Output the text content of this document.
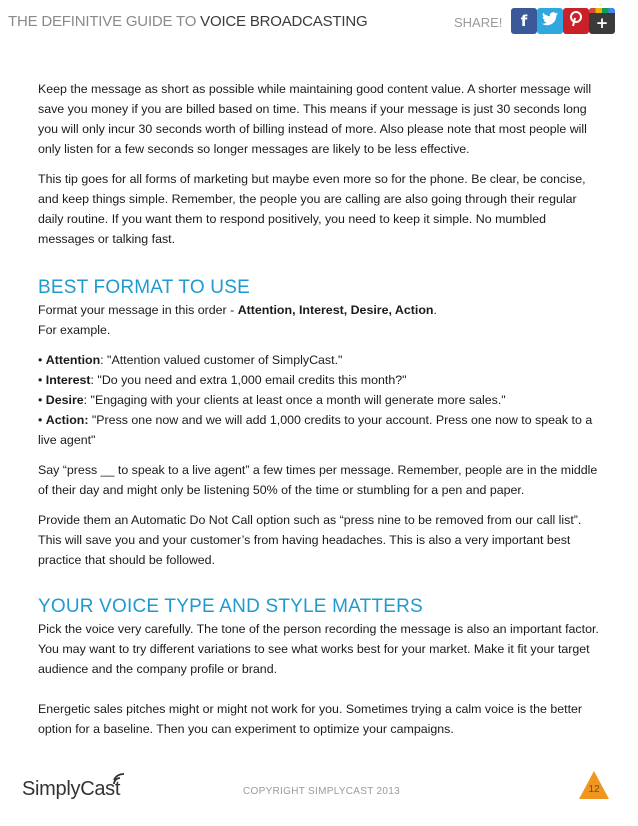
THE DEFINITIVE GUIDE TO VOICE BROADCASTING	SHARE! f	+

Keep the message as short as possible while maintaining good content value. A shorter message will save you money if you are billed based on time. This means if your message is just 30 seconds long you will only incur 30 seconds worth of billing instead of more. Also please note that most people will only listen for a few seconds so longer messages are likely to be less effective.

This tip goes for all forms of marketing but maybe even more so for the phone. Be clear, be concise, and keep things simple. Remember, the people you are calling are also going through their regular daily routine. If you want them to respond positively, you need to keep it simple. No mumbled messages or talking fast.

BEST FORMAT TO USE

Format your message in this order - Attention, Interest, Desire, Action.
For example.

• Attention: "Attention valued customer of SimplyCast."
• Interest: "Do you need and extra 1,000 email credits this month?"
• Desire: "Engaging with your clients at least once a month will generate more sales."
• Action: "Press one now and we will add 1,000 credits to your account. Press one now to speak to a live agent"

Say “press __ to speak to a live agent” a few times per message. Remember, people are in the middle of their day and might only be listening 50% of the time or stumbling for a pen and paper.

Provide them an Automatic Do Not Call option such as “press nine to be removed from our call list”. This will save you and your customer’s from having headaches. This is also a very important best practice that should be followed.

YOUR VOICE TYPE AND STYLE MATTERS

Pick the voice very carefully. The tone of the person recording the message is also an important factor. You may want to try different variations to see what works best for your market. Make it fit your target audience and the company profile or brand.

Energetic sales pitches might or might not work for you. Sometimes trying a calm voice is the better option for a baseline. Then you can experiment to optimize your campaigns.

SimplyCast	COPYRIGHT SIMPLYCAST 2013	12
